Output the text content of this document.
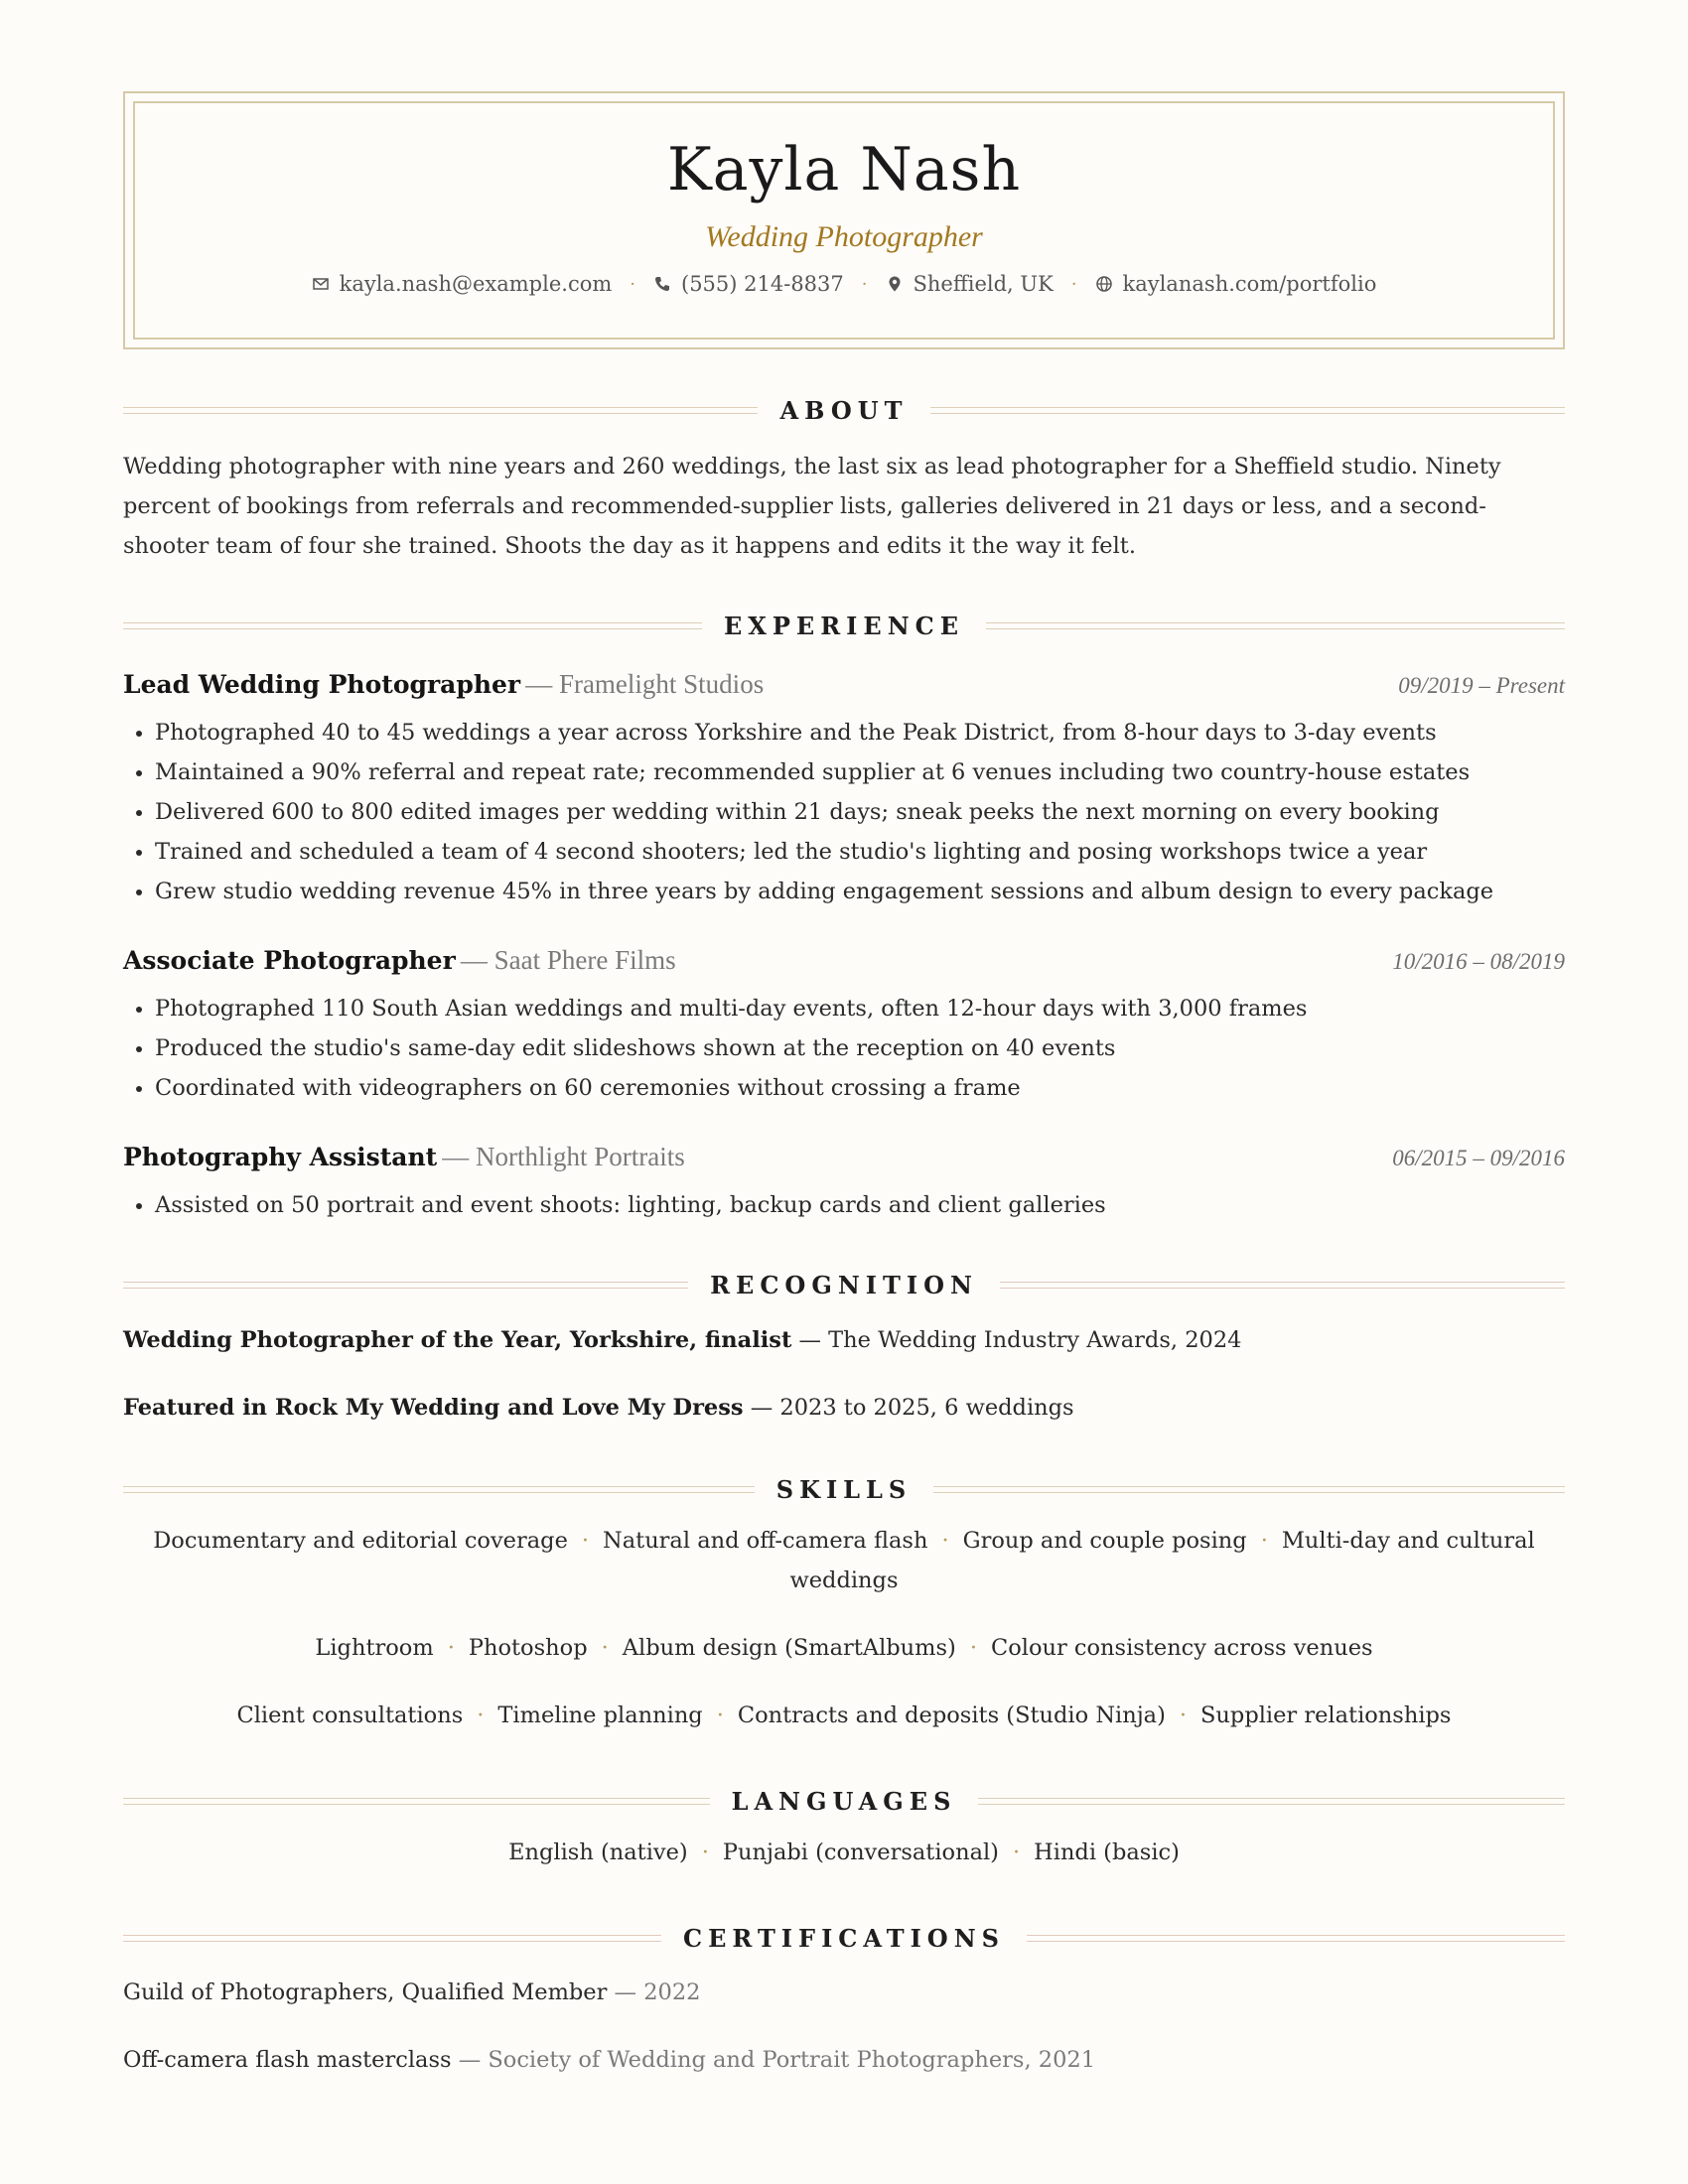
Kayla Nash
Wedding Photographer
kayla.nash@example.com · (555) 214-8837 · Sheffield, UK · kaylanash.com/portfolio
ABOUT
Wedding photographer with nine years and 260 weddings, the last six as lead photographer for a Sheffield studio. Ninety percent of bookings from referrals and recommended-supplier lists, galleries delivered in 21 days or less, and a second-shooter team of four she trained. Shoots the day as it happens and edits it the way it felt.
EXPERIENCE
Lead Wedding Photographer — Framelight Studios	09/2019 – Present
• Photographed 40 to 45 weddings a year across Yorkshire and the Peak District, from 8-hour days to 3-day events
• Maintained a 90% referral and repeat rate; recommended supplier at 6 venues including two country-house estates
• Delivered 600 to 800 edited images per wedding within 21 days; sneak peeks the next morning on every booking
• Trained and scheduled a team of 4 second shooters; led the studio's lighting and posing workshops twice a year
• Grew studio wedding revenue 45% in three years by adding engagement sessions and album design to every package
Associate Photographer — Saat Phere Films	10/2016 – 08/2019
• Photographed 110 South Asian weddings and multi-day events, often 12-hour days with 3,000 frames
• Produced the studio's same-day edit slideshows shown at the reception on 40 events
• Coordinated with videographers on 60 ceremonies without crossing a frame
Photography Assistant — Northlight Portraits	06/2015 – 09/2016
• Assisted on 50 portrait and event shoots: lighting, backup cards and client galleries
RECOGNITION
Wedding Photographer of the Year, Yorkshire, finalist — The Wedding Industry Awards, 2024
Featured in Rock My Wedding and Love My Dress — 2023 to 2025, 6 weddings
SKILLS
Documentary and editorial coverage · Natural and off-camera flash · Group and couple posing · Multi-day and cultural weddings
Lightroom · Photoshop · Album design (SmartAlbums) · Colour consistency across venues
Client consultations · Timeline planning · Contracts and deposits (Studio Ninja) · Supplier relationships
LANGUAGES
English (native) · Punjabi (conversational) · Hindi (basic)
CERTIFICATIONS
Guild of Photographers, Qualified Member — 2022
Off-camera flash masterclass — Society of Wedding and Portrait Photographers, 2021
